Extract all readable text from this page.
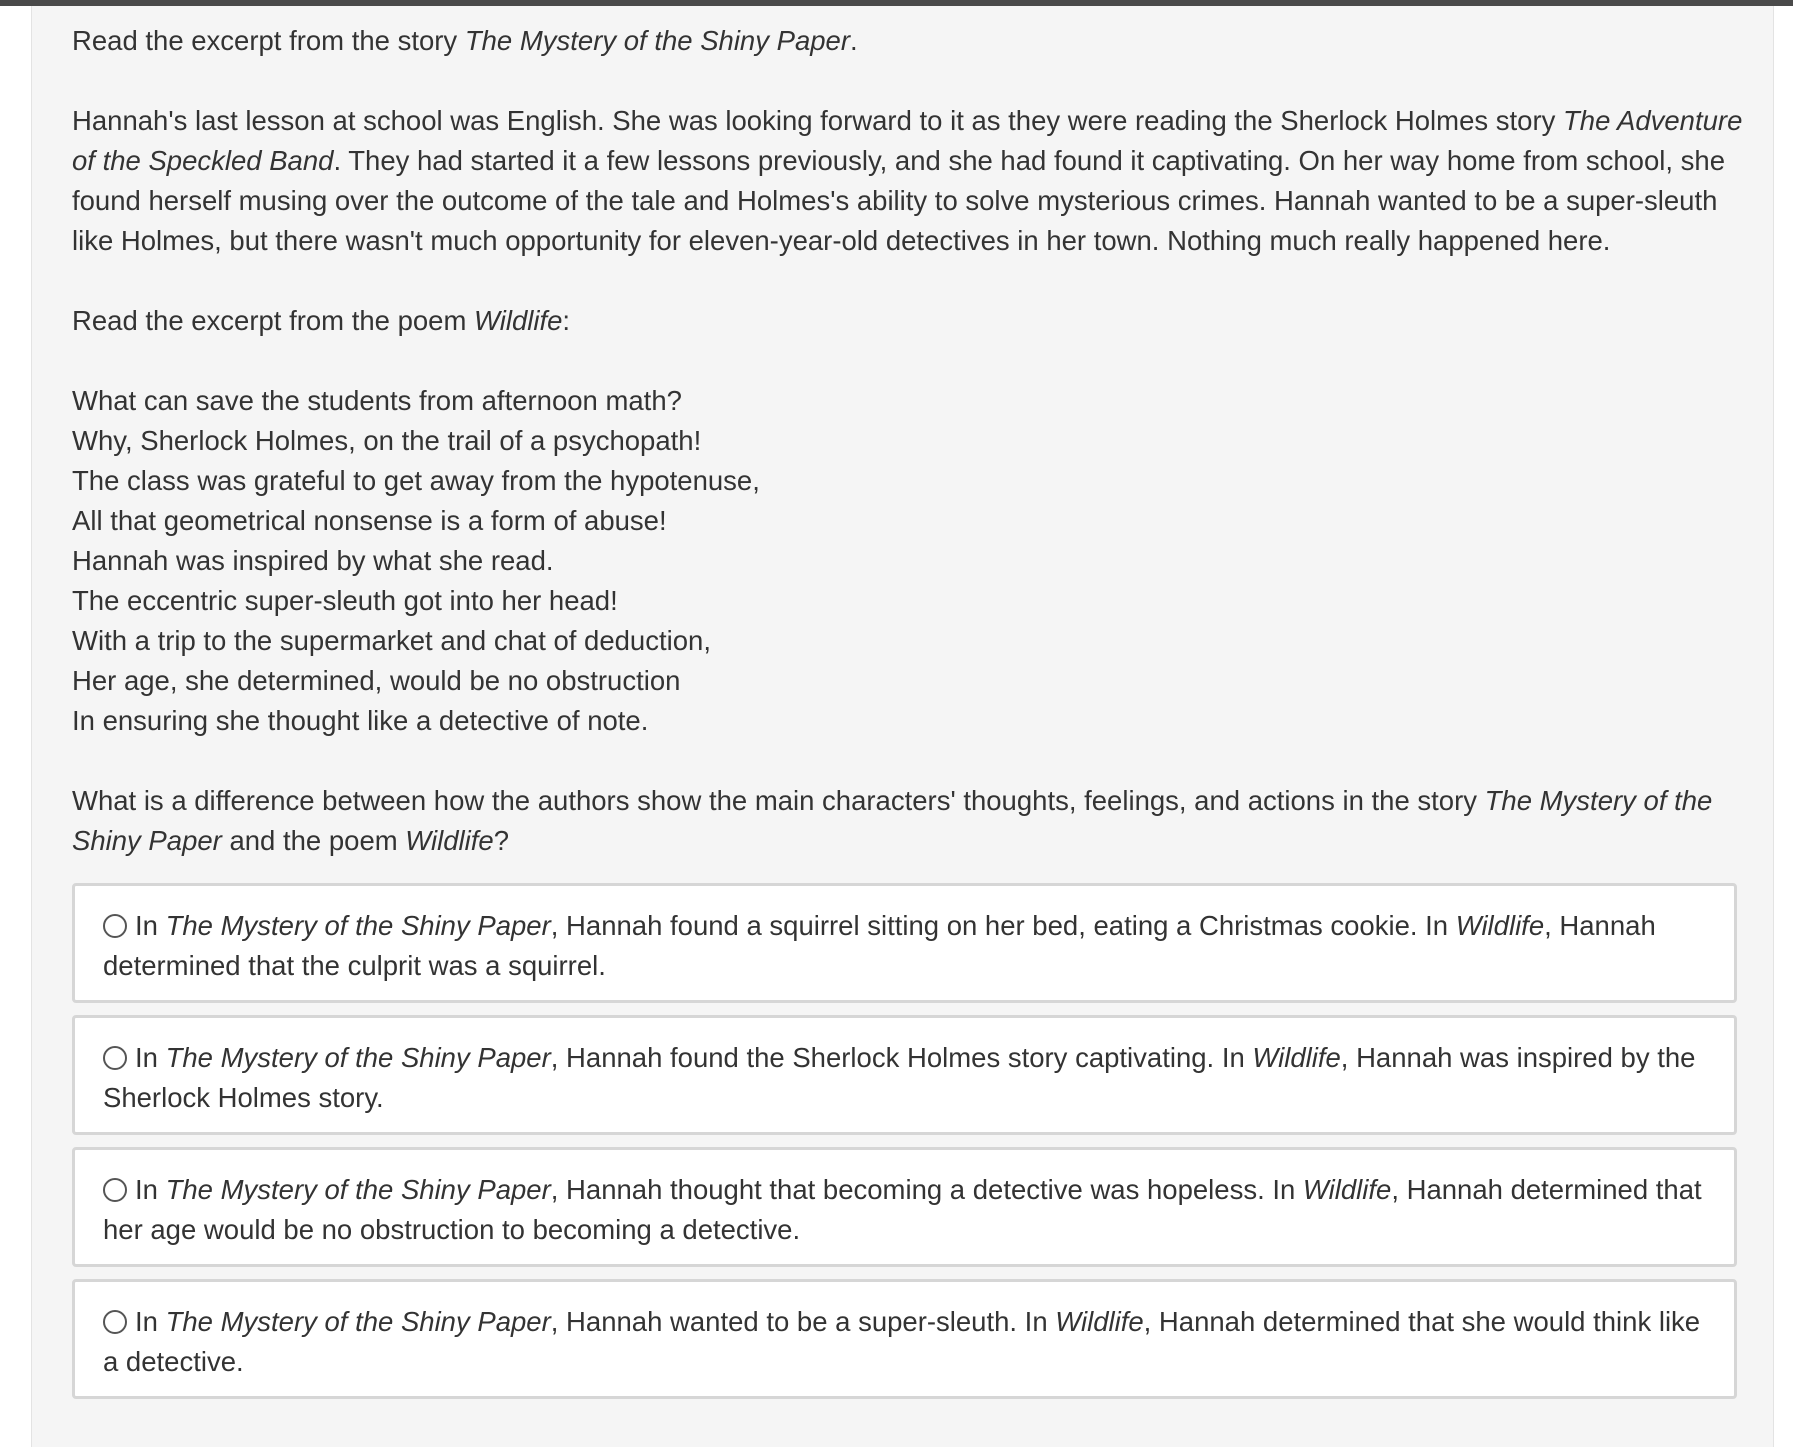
Read the excerpt from the story The Mystery of the Shiny Paper.

Hannah's last lesson at school was English. She was looking forward to it as they were reading the Sherlock Holmes story The Adventure of the Speckled Band. They had started it a few lessons previously, and she had found it captivating. On her way home from school, she found herself musing over the outcome of the tale and Holmes's ability to solve mysterious crimes. Hannah wanted to be a super-sleuth like Holmes, but there wasn't much opportunity for eleven-year-old detectives in her town. Nothing much really happened here.

Read the excerpt from the poem Wildlife:

What can save the students from afternoon math?
Why, Sherlock Holmes, on the trail of a psychopath!
The class was grateful to get away from the hypotenuse,
All that geometrical nonsense is a form of abuse!
Hannah was inspired by what she read.
The eccentric super-sleuth got into her head!
With a trip to the supermarket and chat of deduction,
Her age, she determined, would be no obstruction
In ensuring she thought like a detective of note.

What is a difference between how the authors show the main characters' thoughts, feelings, and actions in the story The Mystery of the Shiny Paper and the poem Wildlife?

In The Mystery of the Shiny Paper, Hannah found a squirrel sitting on her bed, eating a Christmas cookie. In Wildlife, Hannah determined that the culprit was a squirrel.
In The Mystery of the Shiny Paper, Hannah found the Sherlock Holmes story captivating. In Wildlife, Hannah was inspired by the Sherlock Holmes story.
In The Mystery of the Shiny Paper, Hannah thought that becoming a detective was hopeless. In Wildlife, Hannah determined that her age would be no obstruction to becoming a detective.
In The Mystery of the Shiny Paper, Hannah wanted to be a super-sleuth. In Wildlife, Hannah determined that she would think like a detective.
